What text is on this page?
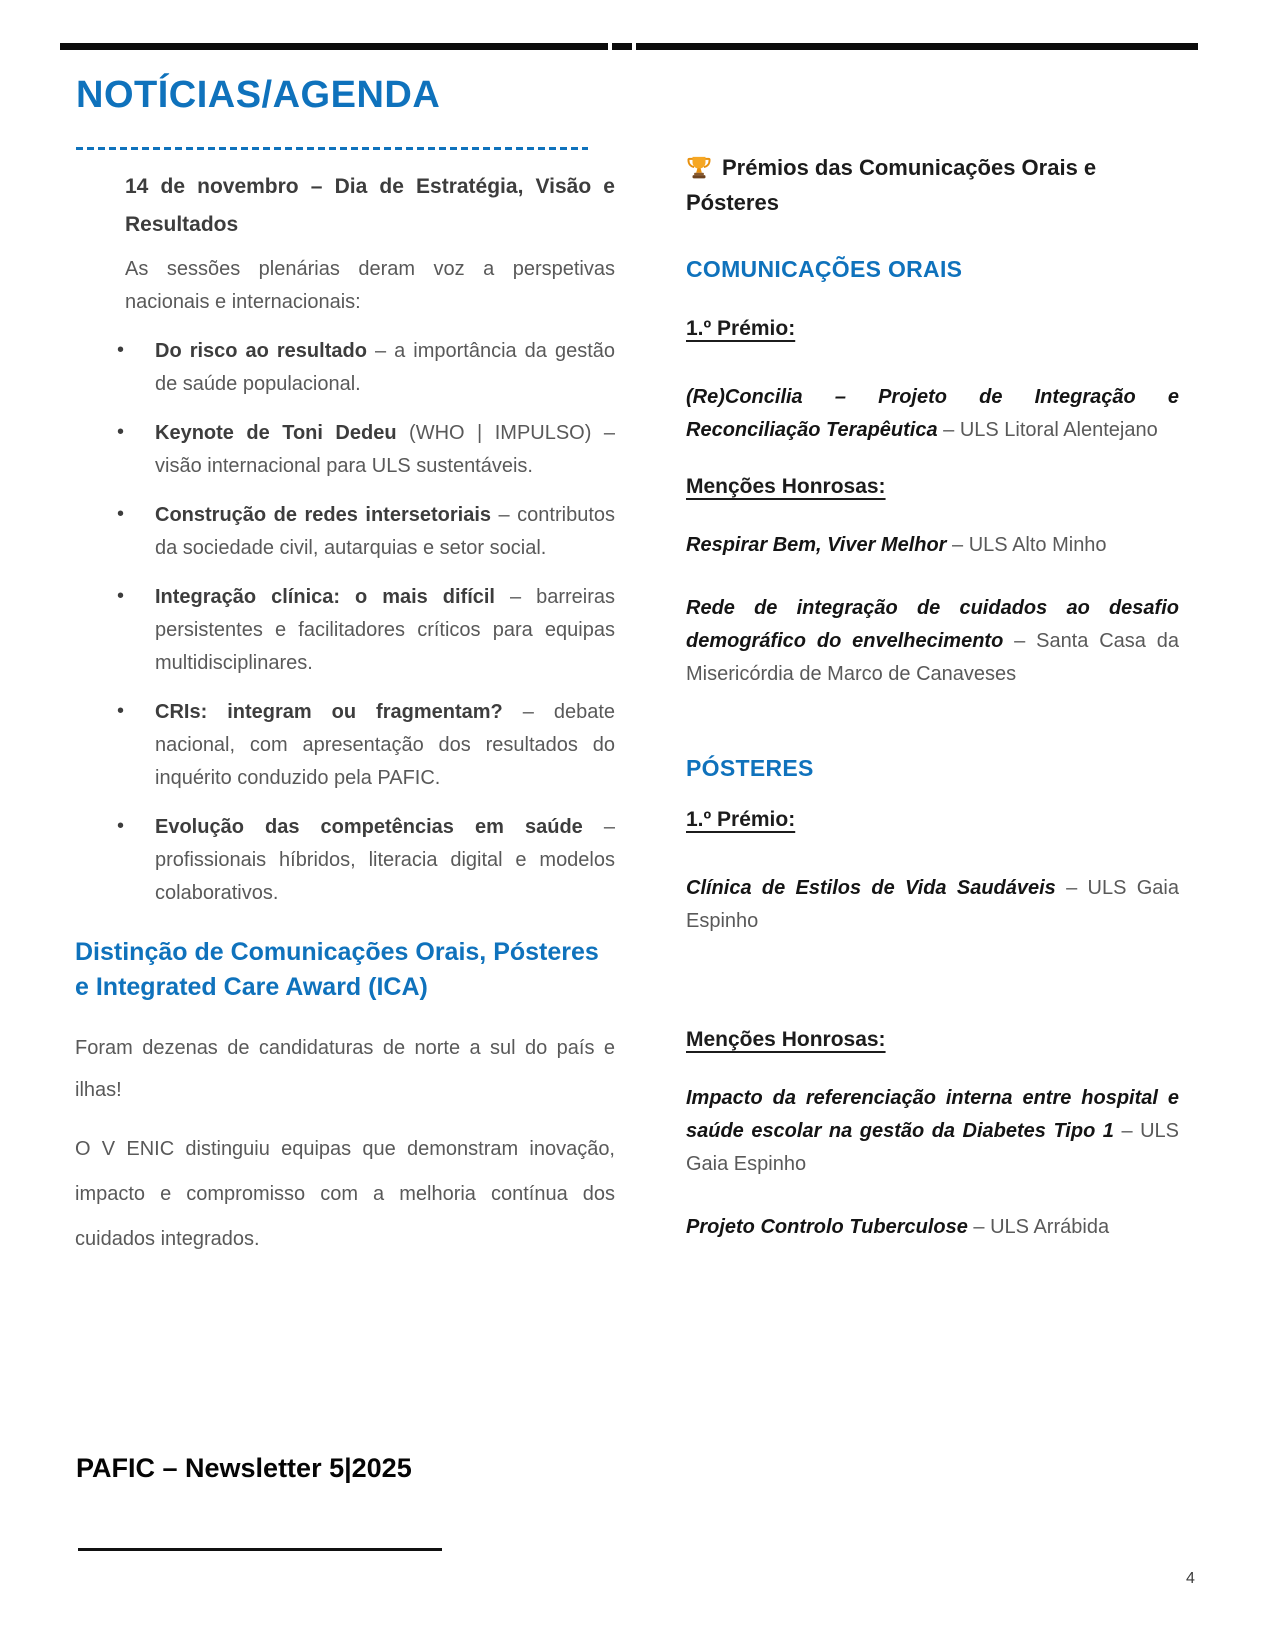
NOTÍCIAS/AGENDA
14 de novembro – Dia de Estratégia, Visão e Resultados

As sessões plenárias deram voz a perspetivas nacionais e internacionais:

• Do risco ao resultado – a importância da gestão de saúde populacional.
• Keynote de Toni Dedeu (WHO | IMPULSO) – visão internacional para ULS sustentáveis.
• Construção de redes intersetoriais – contributos da sociedade civil, autarquias e setor social.
• Integração clínica: o mais difícil – barreiras persistentes e facilitadores críticos para equipas multidisciplinares.
• CRIs: integram ou fragmentam? – debate nacional, com apresentação dos resultados do inquérito conduzido pela PAFIC.
• Evolução das competências em saúde – profissionais híbridos, literacia digital e modelos colaborativos.
Distinção de Comunicações Orais, Pósteres e Integrated Care Award (ICA)

Foram dezenas de candidaturas de norte a sul do país e ilhas!

O V ENIC distinguiu equipas que demonstram inovação, impacto e compromisso com a melhoria contínua dos cuidados integrados.

Prémios das Comunicações Orais e Pósteres
COMUNICAÇÕES ORAIS

1.º Prémio:

(Re)Concilia – Projeto de Integração e Reconciliação Terapêutica – ULS Litoral Alentejano

Menções Honrosas:

Respirar Bem, Viver Melhor – ULS Alto Minho

Rede de integração de cuidados ao desafio demográfico do envelhecimento – Santa Casa da Misericórdia de Marco de Canaveses

PÓSTERES

1.º Prémio:

Clínica de Estilos de Vida Saudáveis – ULS Gaia Espinho

Menções Honrosas:

Impacto da referenciação interna entre hospital e saúde escolar na gestão da Diabetes Tipo 1 – ULS Gaia Espinho

Projeto Controlo Tuberculose – ULS Arrábida

PAFIC – Newsletter 5|2025
4
